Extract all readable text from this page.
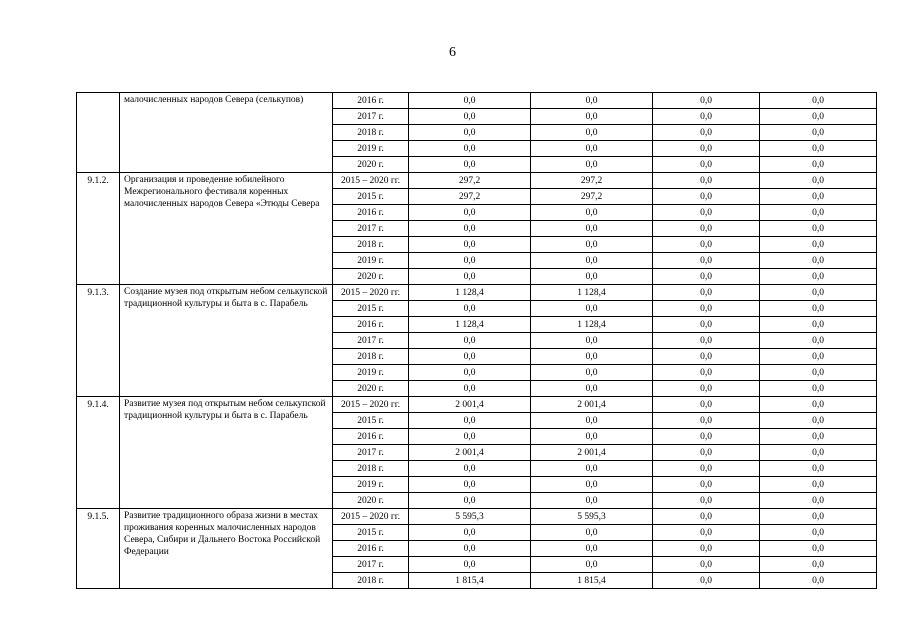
6
	малочисленных народов Севера (селькупов)	2016 г.	0,0	0,0	0,0	0,0
		2017 г.	0,0	0,0	0,0	0,0
		2018 г.	0,0	0,0	0,0	0,0
		2019 г.	0,0	0,0	0,0	0,0
		2020 г.	0,0	0,0	0,0	0,0
9.1.2.	Организация и проведение юбилейного Межрегионального фестиваля коренных малочисленных народов Севера «Этюды Севера	2015 – 2020 гг.	297,2	297,2	0,0	0,0
		2015 г.	297,2	297,2	0,0	0,0
		2016 г.	0,0	0,0	0,0	0,0
		2017 г.	0,0	0,0	0,0	0,0
		2018 г.	0,0	0,0	0,0	0,0
		2019 г.	0,0	0,0	0,0	0,0
		2020 г.	0,0	0,0	0,0	0,0
9.1.3.	Создание музея под открытым небом селькупской традиционной культуры и быта в с. Парабель	2015 – 2020 гг.	1 128,4	1 128,4	0,0	0,0
		2015 г.	0,0	0,0	0,0	0,0
		2016 г.	1 128,4	1 128,4	0,0	0,0
		2017 г.	0,0	0,0	0,0	0,0
		2018 г.	0,0	0,0	0,0	0,0
		2019 г.	0,0	0,0	0,0	0,0
		2020 г.	0,0	0,0	0,0	0,0
9.1.4.	Развитие музея под открытым небом селькупской традиционной культуры и быта в с. Парабель	2015 – 2020 гг.	2 001,4	2 001,4	0,0	0,0
		2015 г.	0,0	0,0	0,0	0,0
		2016 г.	0,0	0,0	0,0	0,0
		2017 г.	2 001,4	2 001,4	0,0	0,0
		2018 г.	0,0	0,0	0,0	0,0
		2019 г.	0,0	0,0	0,0	0,0
		2020 г.	0,0	0,0	0,0	0,0
9.1.5.	Развитие традиционного образа жизни в местах проживания коренных малочисленных народов Севера, Сибири и Дальнего Востока Российской Федерации	2015 – 2020 гг.	5 595,3	5 595,3	0,0	0,0
		2015 г.	0,0	0,0	0,0	0,0
		2016 г.	0,0	0,0	0,0	0,0
		2017 г.	0,0	0,0	0,0	0,0
		2018 г.	1 815,4	1 815,4	0,0	0,0
